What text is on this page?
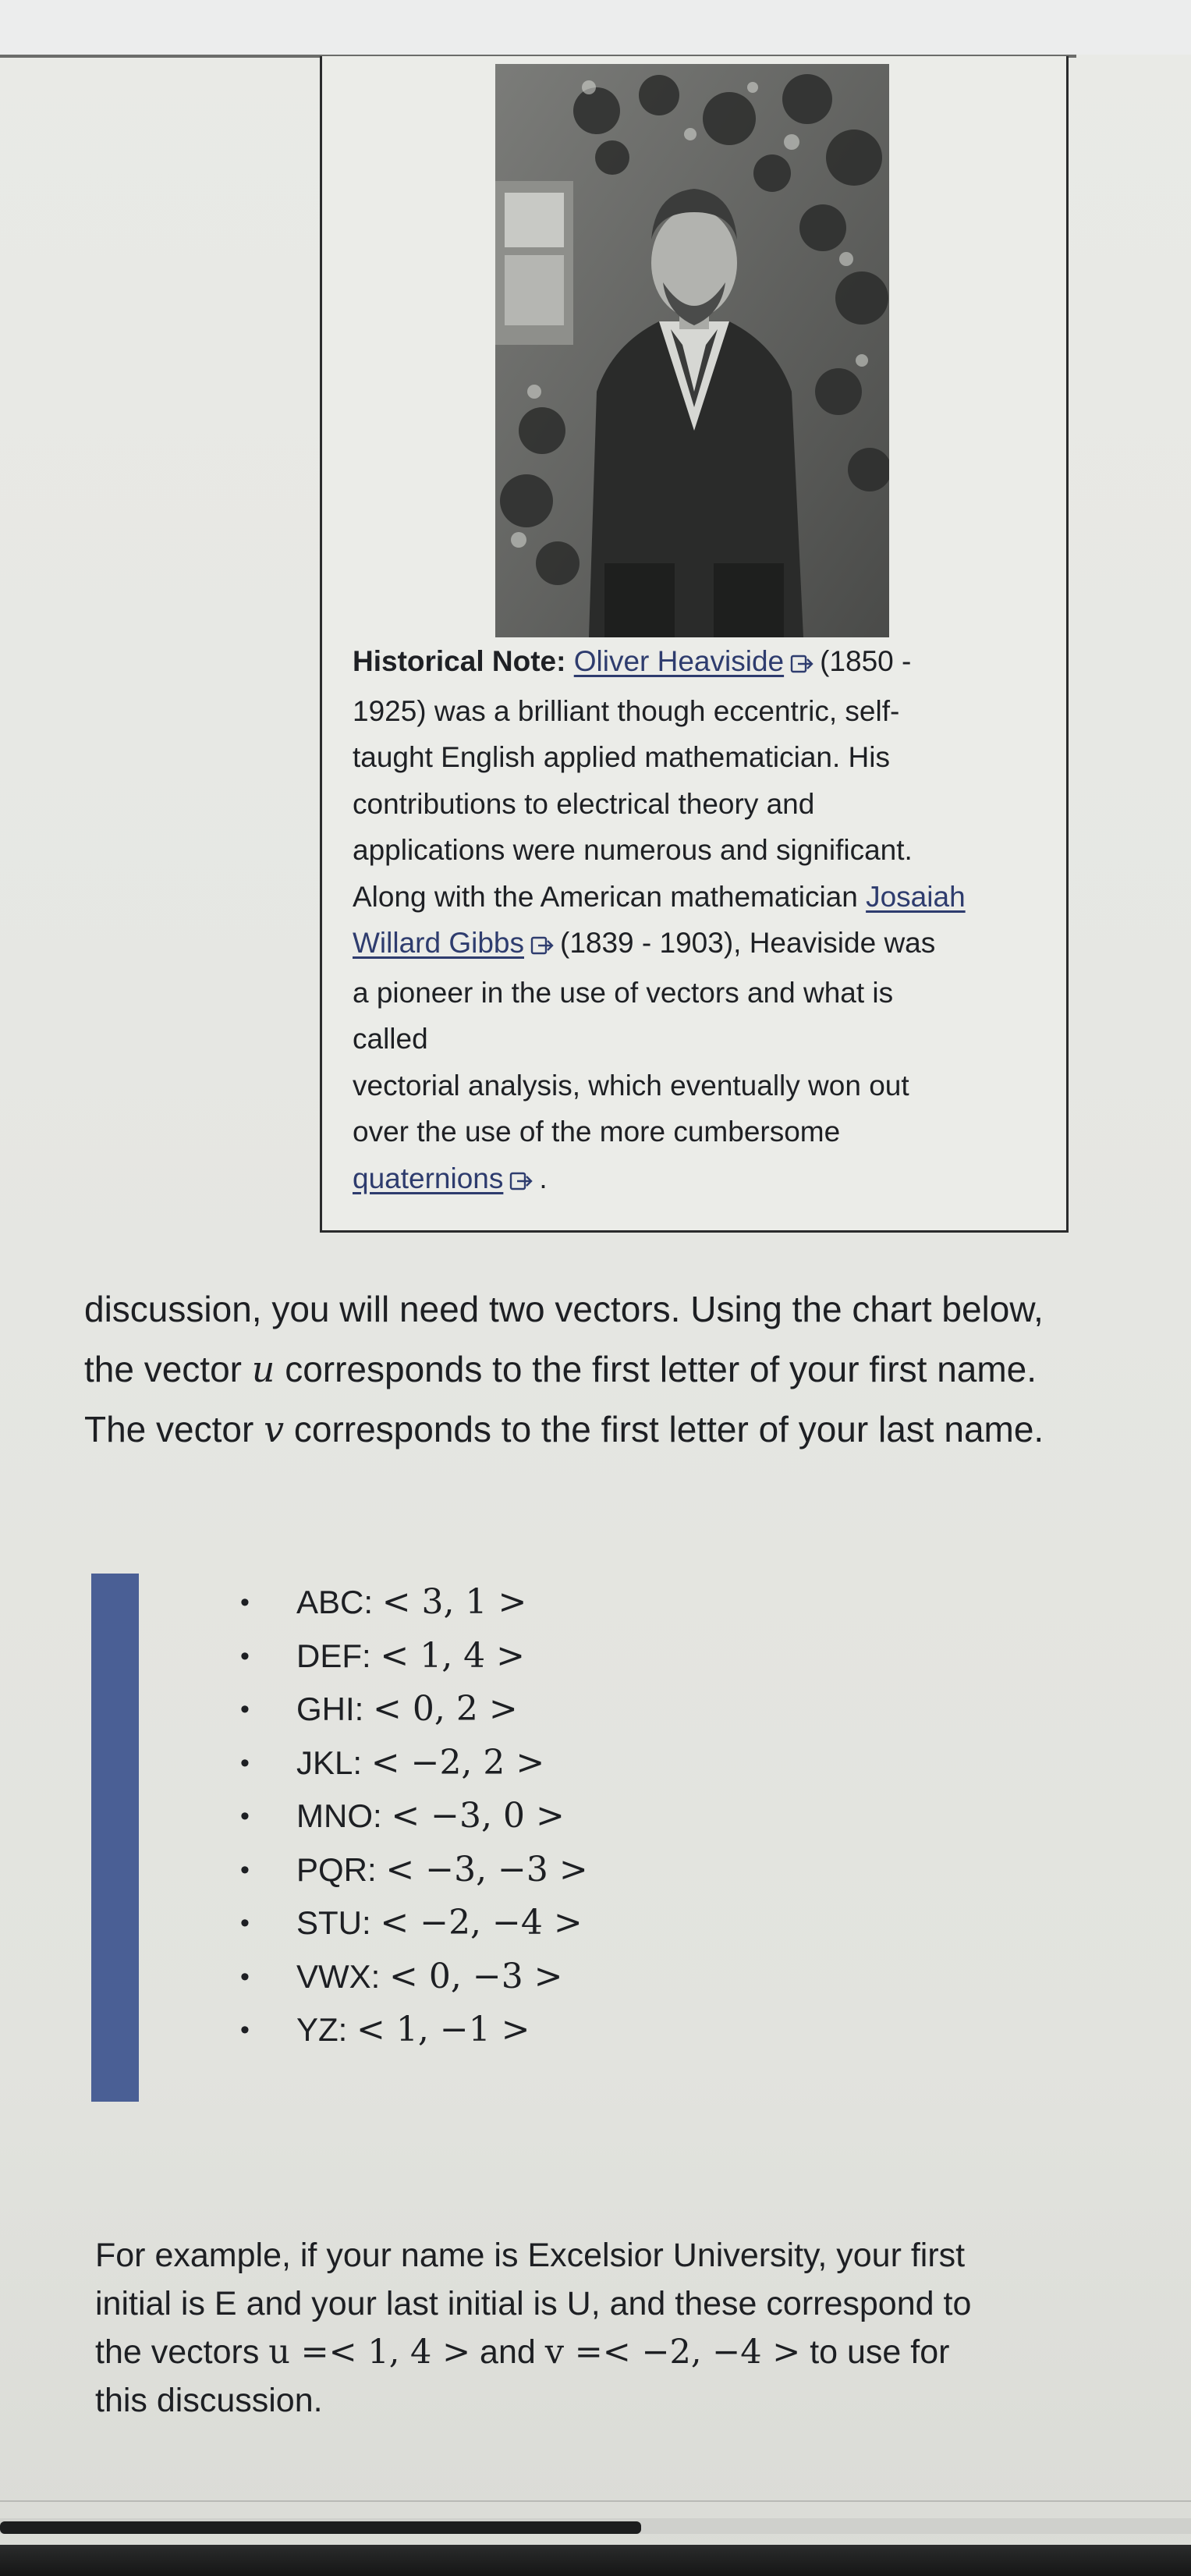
Historical Note: Oliver Heaviside (1850 -
1925) was a brilliant though eccentric, self-
taught English applied mathematician. His
contributions to electrical theory and
applications were numerous and significant.
Along with the American mathematician Josaiah
Willard Gibbs (1839 - 1903), Heaviside was
a pioneer in the use of vectors and what is
called
vectorial analysis, which eventually won out
over the use of the more cumbersome
quaternions .
discussion, you will need two vectors. Using the chart below,
the vector u corresponds to the first letter of your first name.
The vector v corresponds to the first letter of your last name.
• ABC: < 3, 1 >
• DEF: < 1, 4 >
• GHI: < 0, 2 >
• JKL: < −2, 2 >
• MNO: < −3, 0 >
• PQR: < −3, −3 >
• STU: < −2, −4 >
• VWX: < 0, −3 >
• YZ: < 1, −1 >
For example, if your name is Excelsior University, your first
initial is E and your last initial is U, and these correspond to
the vectors u =< 1, 4 > and v =< −2, −4 > to use for
this discussion.
